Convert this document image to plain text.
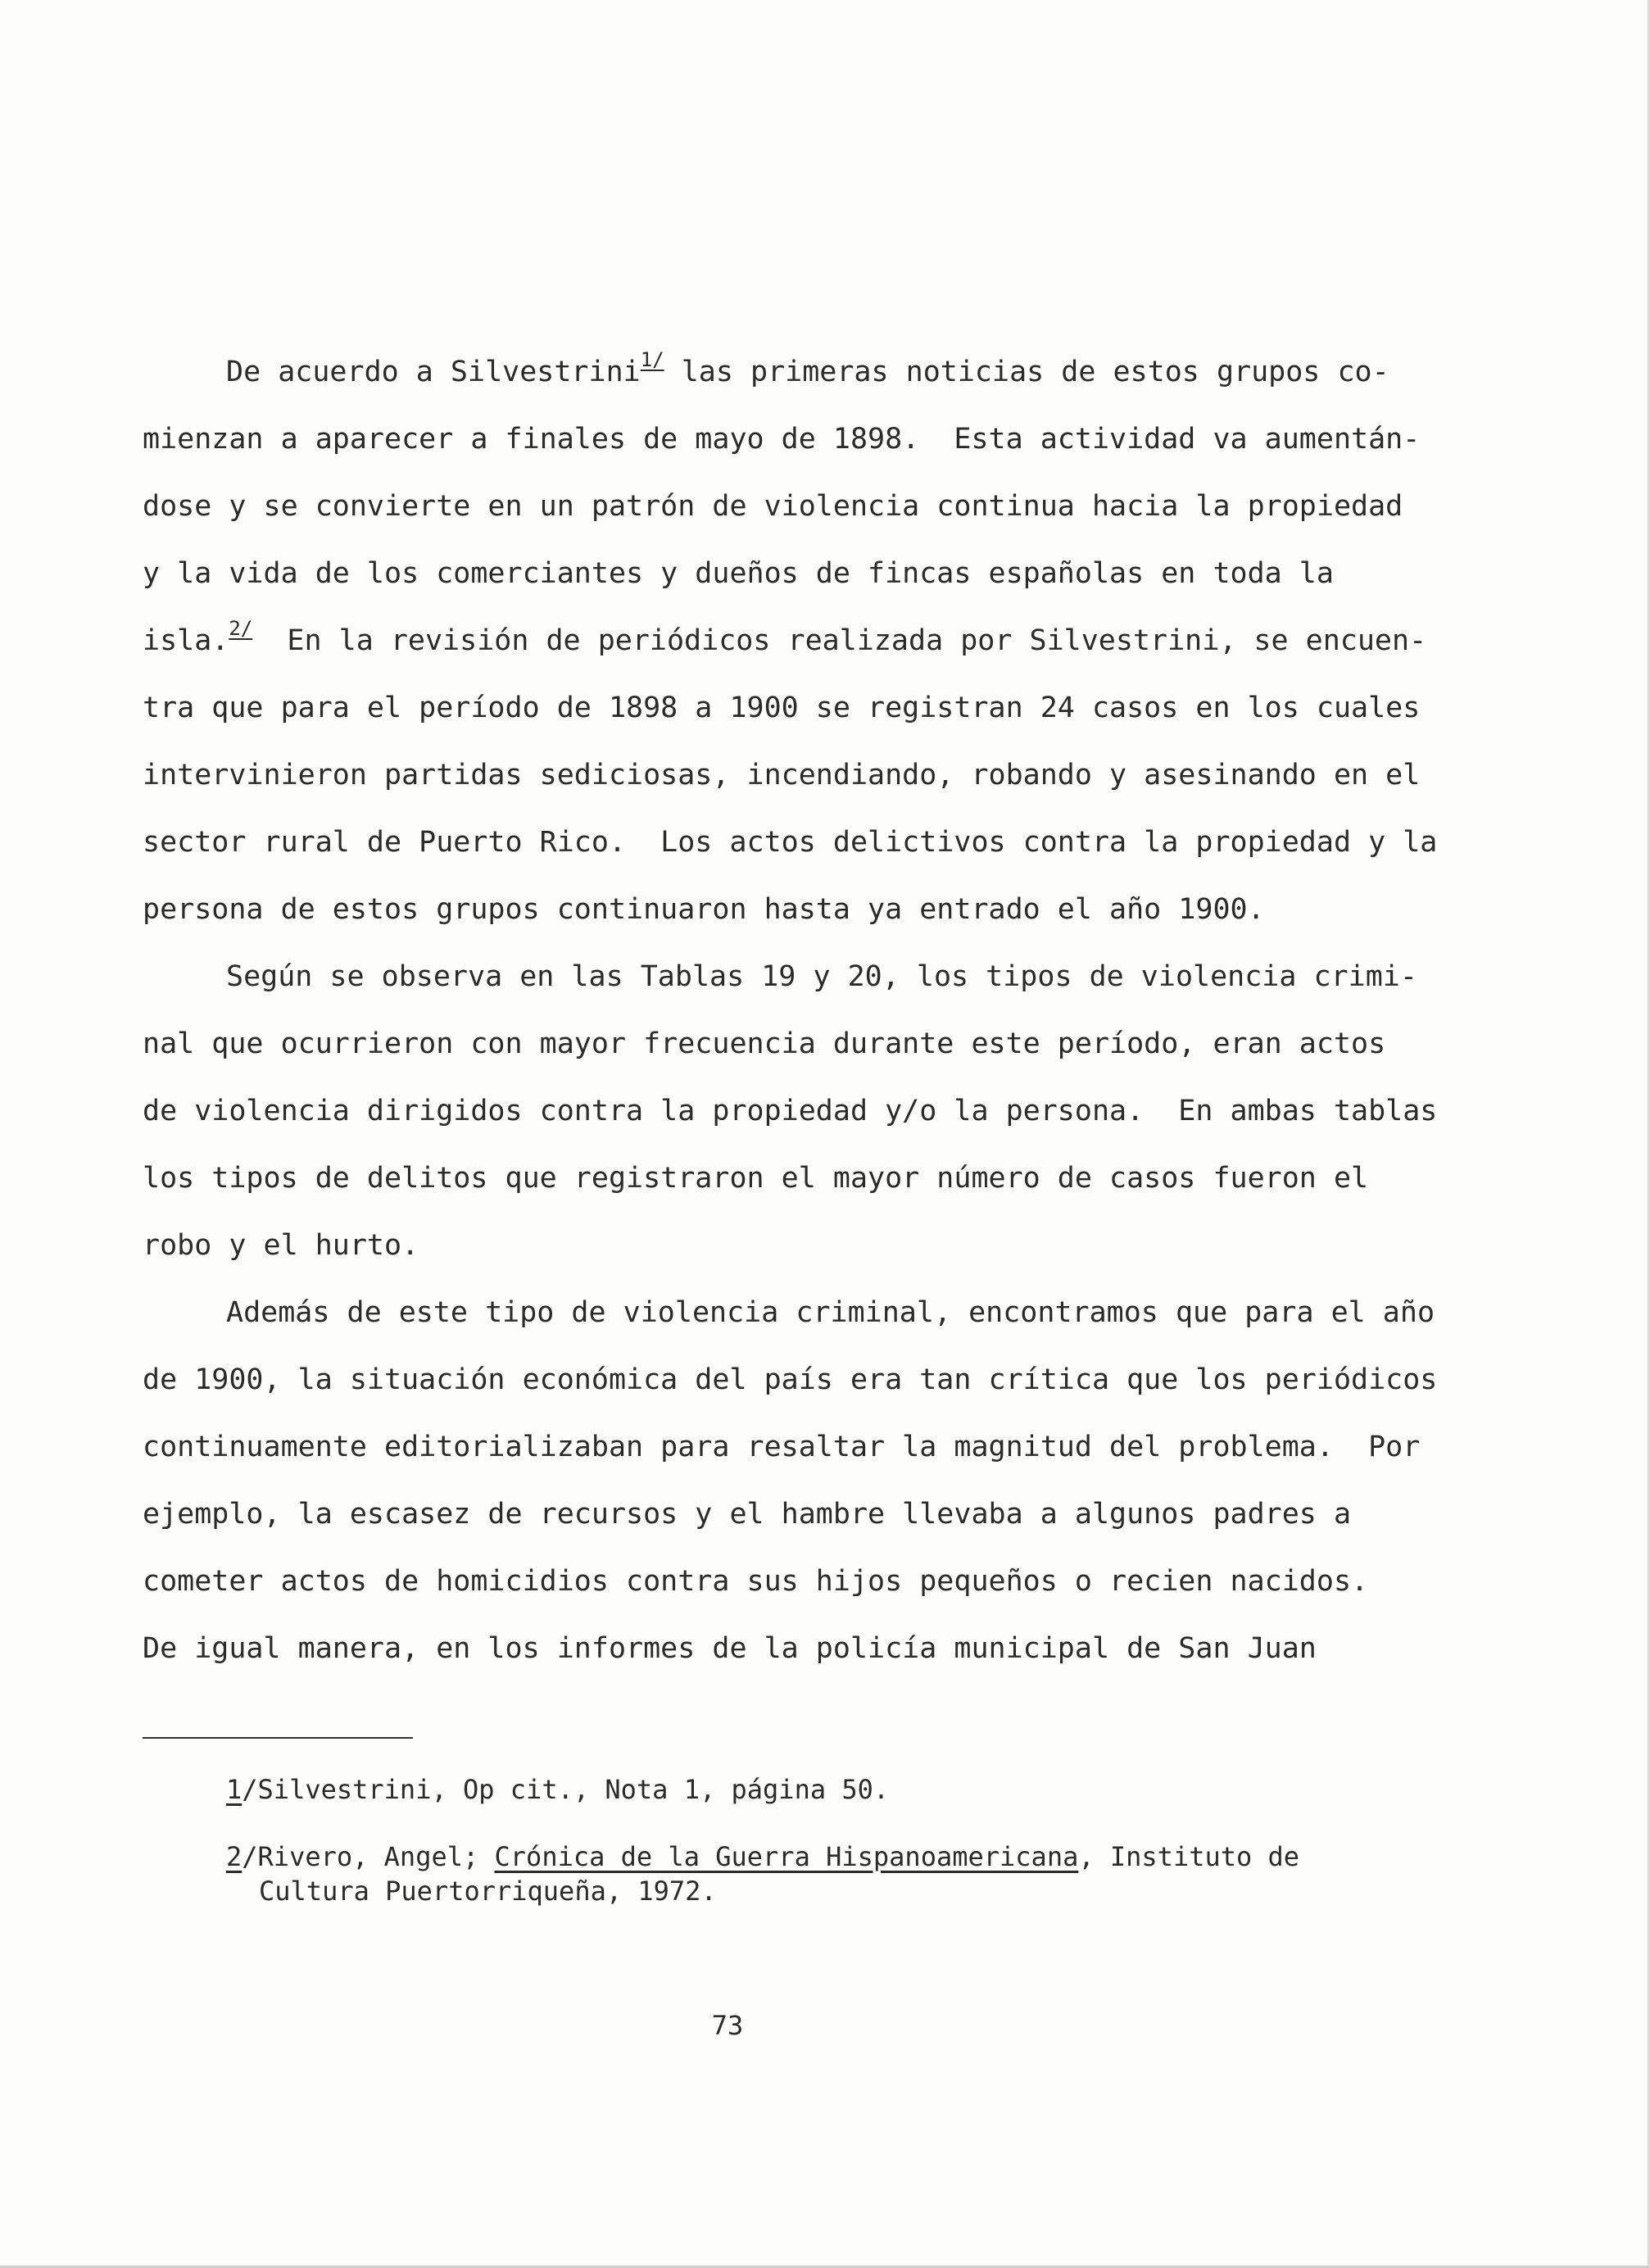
De acuerdo a Silvestrini$^{1/}$ las primeras noticias de estos grupos co-
mienzan a aparecer a finales de mayo de 1898.  Esta actividad va aumentán-
dose y se convierte en un patrón de violencia continua hacia la propiedad
y la vida de los comerciantes y dueños de fincas españolas en toda la
isla.$^{2/}$  En la revisión de periódicos realizada por Silvestrini, se encuen-
tra que para el período de 1898 a 1900 se registran 24 casos en los cuales
intervinieron partidas sediciosas, incendiando, robando y asesinando en el
sector rural de Puerto Rico.  Los actos delictivos contra la propiedad y la
persona de estos grupos continuaron hasta ya entrado el año 1900.
Según se observa en las Tablas 19 y 20, los tipos de violencia crimi-
nal que ocurrieron con mayor frecuencia durante este período, eran actos
de violencia dirigidos contra la propiedad y/o la persona.  En ambas tablas
los tipos de delitos que registraron el mayor número de casos fueron el
robo y el hurto.
Además de este tipo de violencia criminal, encontramos que para el año
de 1900, la situación económica del país era tan crítica que los periódicos
continuamente editorializaban para resaltar la magnitud del problema.  Por
ejemplo, la escasez de recursos y el hambre llevaba a algunos padres a
cometer actos de homicidios contra sus hijos pequeños o recien nacidos.
De igual manera, en los informes de la policía municipal de San Juan
1/Silvestrini, Op cit., Nota 1, página 50.
2/Rivero, Angel; Crónica de la Guerra Hispanoamericana, Instituto de
Cultura Puertorriqueña, 1972.
73
